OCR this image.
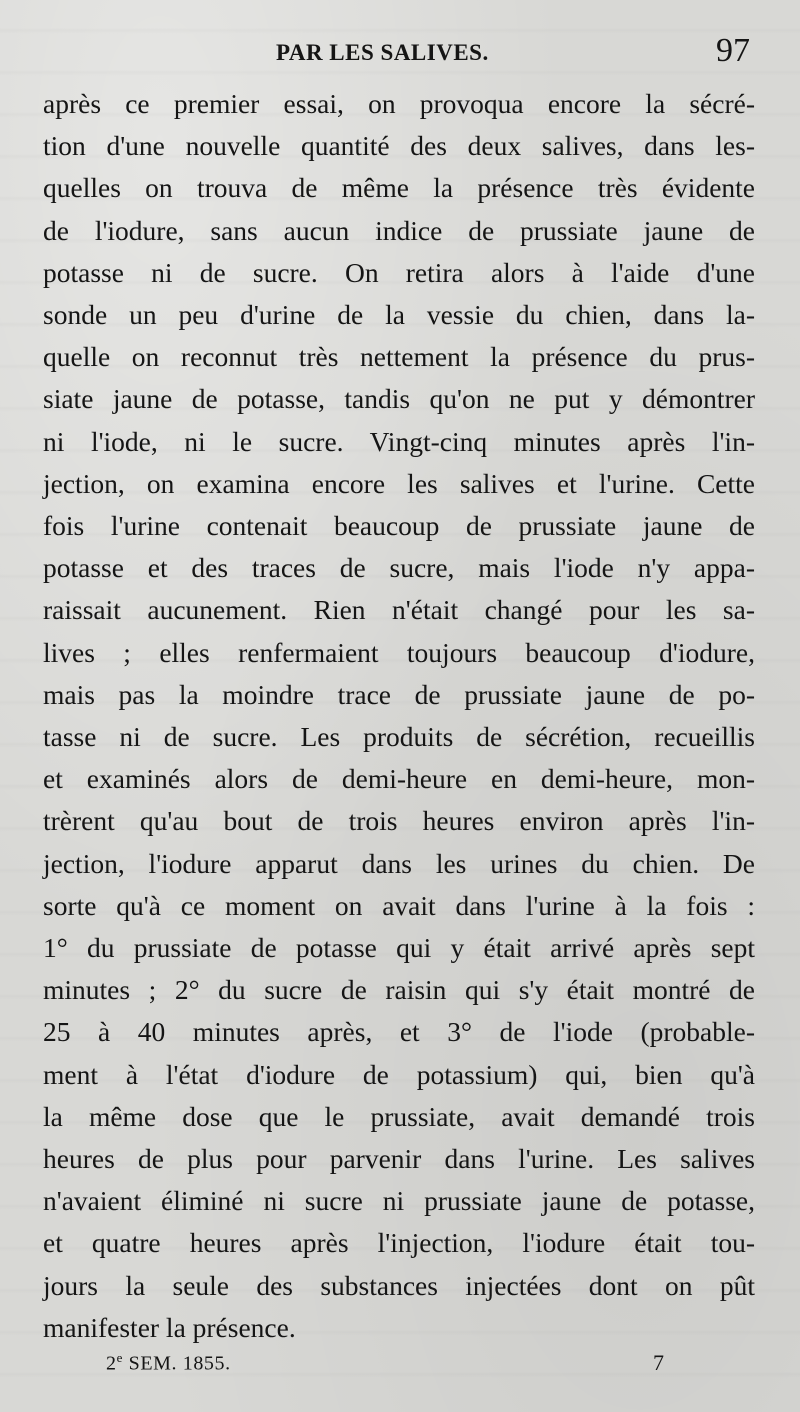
PAR LES SALIVES.	97
après ce premier essai, on provoqua encore la sécré-
tion d'une nouvelle quantité des deux salives, dans les-
quelles on trouva de même la présence très évidente
de l'iodure, sans aucun indice de prussiate jaune de
potasse ni de sucre. On retira alors à l'aide d'une
sonde un peu d'urine de la vessie du chien, dans la-
quelle on reconnut très nettement la présence du prus-
siate jaune de potasse, tandis qu'on ne put y démontrer
ni l'iode, ni le sucre. Vingt-cinq minutes après l'in-
jection, on examina encore les salives et l'urine. Cette
fois l'urine contenait beaucoup de prussiate jaune de
potasse et des traces de sucre, mais l'iode n'y appa-
raissait aucunement. Rien n'était changé pour les sa-
lives ; elles renfermaient toujours beaucoup d'iodure,
mais pas la moindre trace de prussiate jaune de po-
tasse ni de sucre. Les produits de sécrétion, recueillis
et examinés alors de demi-heure en demi-heure, mon-
trèrent qu'au bout de trois heures environ après l'in-
jection, l'iodure apparut dans les urines du chien. De
sorte qu'à ce moment on avait dans l'urine à la fois :
1° du prussiate de potasse qui y était arrivé après sept
minutes ; 2° du sucre de raisin qui s'y était montré de
25 à 40 minutes après, et 3° de l'iode (probable-
ment à l'état d'iodure de potassium) qui, bien qu'à
la même dose que le prussiate, avait demandé trois
heures de plus pour parvenir dans l'urine. Les salives
n'avaient éliminé ni sucre ni prussiate jaune de potasse,
et quatre heures après l'injection, l'iodure était tou-
jours la seule des substances injectées dont on pût
manifester la présence.
2e SEM. 1855.	7
